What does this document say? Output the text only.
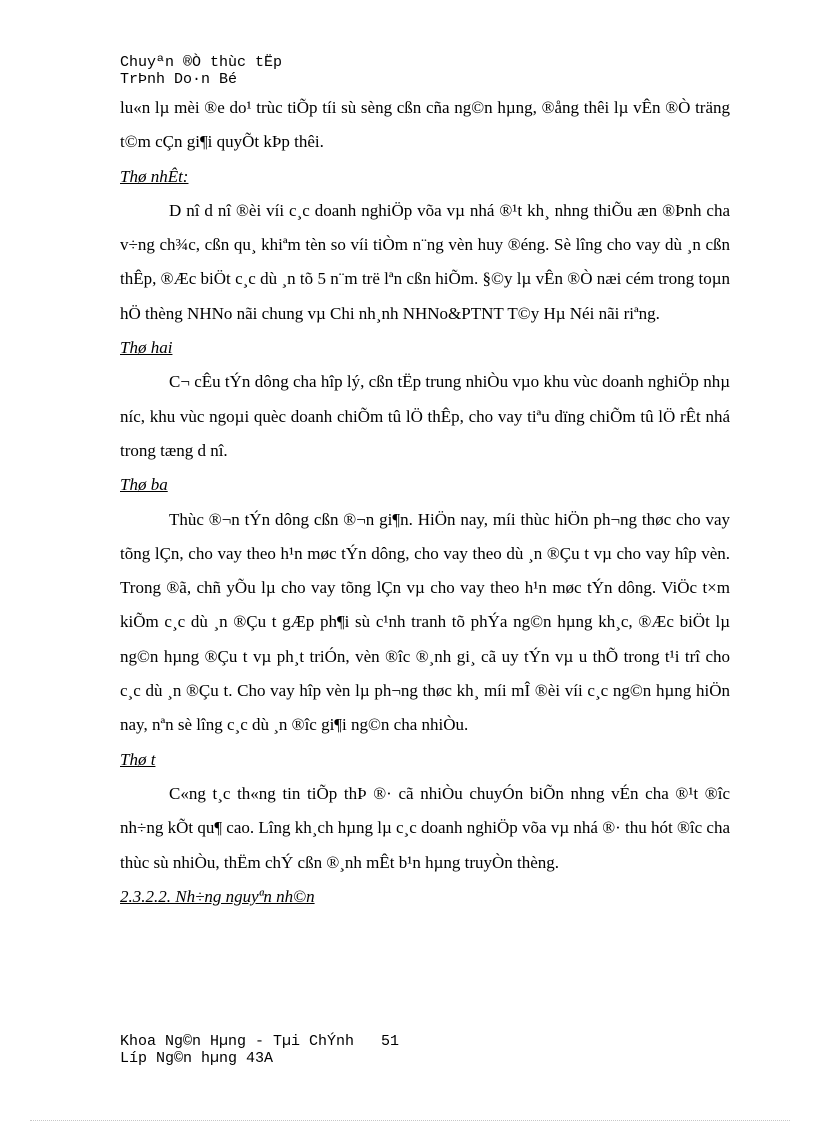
Chuyªn ®Ò thùc tËp
TrÞnh Do·n Bé

lu«n lµ mèi ®e do¹ trùc tiÕp tíi sù sèng cßn cña ng©n hµng, ®ång thêi lµ vÊn ®Ò träng t©m cÇn gi¶i quyÕt kÞp thêi.

Thø nhÊt:

D nî d nî ®èi víi c¸c doanh nghiÖp võa vµ nhá ®¹t kh¸ nhng thiÕu æn ®Þnh cha v÷ng ch¾c, cßn qu¸ khiªm tèn so víi tiÒm n¨ng vèn huy ®éng. Sè lîng cho vay dù ¸n cßn thÊp, ®Æc biÖt c¸c dù ¸n tõ 5 n¨m trë lªn cßn hiÕm. §©y lµ vÊn ®Ò næi cém trong toµn hÖ thèng NHNo nãi chung vµ Chi nh¸nh NHNo&PTNT T©y Hµ Néi nãi riªng.

Thø hai

C¬ cÊu tÝn dông cha hîp lý, cßn tËp trung nhiÒu vµo khu vùc doanh nghiÖp nhµ níc, khu vùc ngoµi quèc doanh chiÕm tû lÖ thÊp, cho vay tiªu dïng chiÕm tû lÖ rÊt nhá trong tæng d nî.

Thø ba

Thùc ®¬n tÝn dông cßn ®¬n gi¶n. HiÖn nay, míi thùc hiÖn ph¬ng thøc cho vay tõng lÇn, cho vay theo h¹n møc tÝn dông, cho vay theo dù ¸n ®Çu t vµ cho vay hîp vèn. Trong ®ã, chñ yÕu lµ cho vay tõng lÇn vµ cho vay theo h¹n møc tÝn dông. ViÖc t×m kiÕm c¸c dù ¸n ®Çu t gÆp ph¶i sù c¹nh tranh tõ phÝa ng©n hµng kh¸c, ®Æc biÖt lµ ng©n hµng ®Çu t vµ ph¸t triÓn, vèn ®îc ®¸nh gi¸ cã uy tÝn vµ u thÕ trong t¹i trî cho c¸c dù ¸n ®Çu t. Cho vay hîp vèn lµ ph¬ng thøc kh¸ míi mÎ ®èi víi c¸c ng©n hµng hiÖn nay, nªn sè lîng c¸c dù ¸n ®îc gi¶i ng©n cha nhiÒu.

Thø t

C«ng t¸c th«ng tin tiÕp thÞ ®· cã nhiÒu chuyÓn biÕn nhng vÉn cha ®¹t ®îc nh÷ng kÕt qu¶ cao. Lîng kh¸ch hµng lµ c¸c doanh nghiÖp võa vµ nhá ®· thu hót ®îc cha thùc sù nhiÒu, thËm chÝ cßn ®¸nh mÊt b¹n hµng truyÒn thèng.

2.3.2.2. Nh÷ng nguyªn nh©n

Khoa Ng©n Hµng - Tµi ChÝnh   51
Líp Ng©n hµng 43A
